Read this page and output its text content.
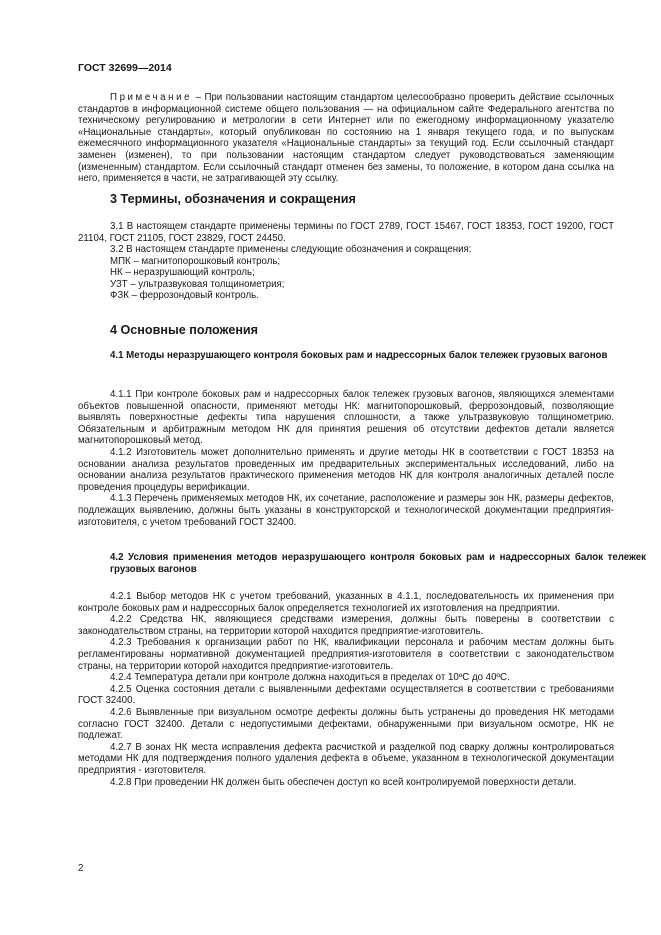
ГОСТ 32699—2014

Примечание – При пользовании настоящим стандартом целесообразно проверить действие ссылочных стандартов в информационной системе общего пользования — на официальном сайте Федерального агентства по техническому регулированию и метрологии в сети Интернет или по ежегодному информационному указателю «Национальные стандарты», который опубликован по состоянию на 1 января текущего года, и по выпускам ежемесячного информационного указателя «Национальные стандарты» за текущий год. Если ссылочный стандарт заменен (изменен), то при пользовании настоящим стандартом следует руководствоваться заменяющим (измененным) стандартом. Если ссылочный стандарт отменен без замены, то положение, в котором дана ссылка на него, применяется в части, не затрагивающей эту ссылку.

3 Термины, обозначения и сокращения

3.1 В настоящем стандарте применены термины по ГОСТ 2789, ГОСТ 15467, ГОСТ 18353, ГОСТ 19200, ГОСТ 21104, ГОСТ 21105, ГОСТ 23829, ГОСТ 24450.

3.2 В настоящем стандарте применены следующие обозначения и сокращения:

МПК – магнитопорошковый контроль;

НК – неразрушающий контроль;

УЗТ – ультразвуковая толщинометрия;

ФЗК – феррозондовый контроль.

4 Основные положения
4.1 Методы неразрушающего контроля боковых рам и надрессорных балок тележек грузовых вагонов

4.1.1 При контроле боковых рам и надрессорных балок тележек грузовых вагонов, являющихся элементами объектов повышенной опасности, применяют методы НК: магнитопорошковый, феррозондовый, позволяющие выявлять поверхностные дефекты типа нарушения сплошности, а также ультразвуковую толщинометрию. Обязательным и арбитражным методом НК для принятия решения об отсутствии дефектов детали является магнитопорошковый метод.

4.1.2 Изготовитель может дополнительно применять и другие методы НК в соответствии с ГОСТ 18353 на основании анализа результатов проведенных им предварительных экспериментальных исследований, либо на основании анализа результатов практического применения методов НК для контроля аналогичных деталей после проведения процедуры верификации.

4.1.3 Перечень применяемых методов НК, их сочетание, расположение и размеры зон НК, размеры дефектов, подлежащих выявлению, должны быть указаны в конструкторской и технологической документации предприятия-изготовителя, с учетом требований ГОСТ 32400.

4.2 Условия применения методов неразрушающего контроля боковых рам и надрессорных балок тележек грузовых вагонов

4.2.1 Выбор методов НК с учетом требований, указанных в 4.1.1, последовательность их применения при контроле боковых рам и надрессорных балок определяется технологией их изготовления на предприятии.

4.2.2 Средства НК, являющиеся средствами измерения, должны быть поверены в соответствии с законодательством страны, на территории которой находится предприятие-изготовитель.

4.2.3 Требования к организации работ по НК, квалификации персонала и рабочим местам должны быть регламентированы нормативной документацией предприятия-изготовителя в соответствии с законодательством страны, на территории которой находится предприятие-изготовитель.

4.2.4 Температура детали при контроле должна находиться в пределах от 10ºС до 40ºС.

4.2.5 Оценка состояния детали с выявленными дефектами осуществляется в соответствии с требованиями ГОСТ 32400.

4.2.6 Выявленные при визуальном осмотре дефекты должны быть устранены до проведения НК методами согласно ГОСТ 32400. Детали с недопустимыми дефектами, обнаруженными при визуальном осмотре, НК не подлежат.

4.2.7 В зонах НК места исправления дефекта расчисткой и разделкой под сварку должны контролироваться методами НК для подтверждения полного удаления дефекта в объеме, указанном в технологической документации предприятия - изготовителя.

4.2.8 При проведении НК должен быть обеспечен доступ ко всей контролируемой поверхности детали.

2
